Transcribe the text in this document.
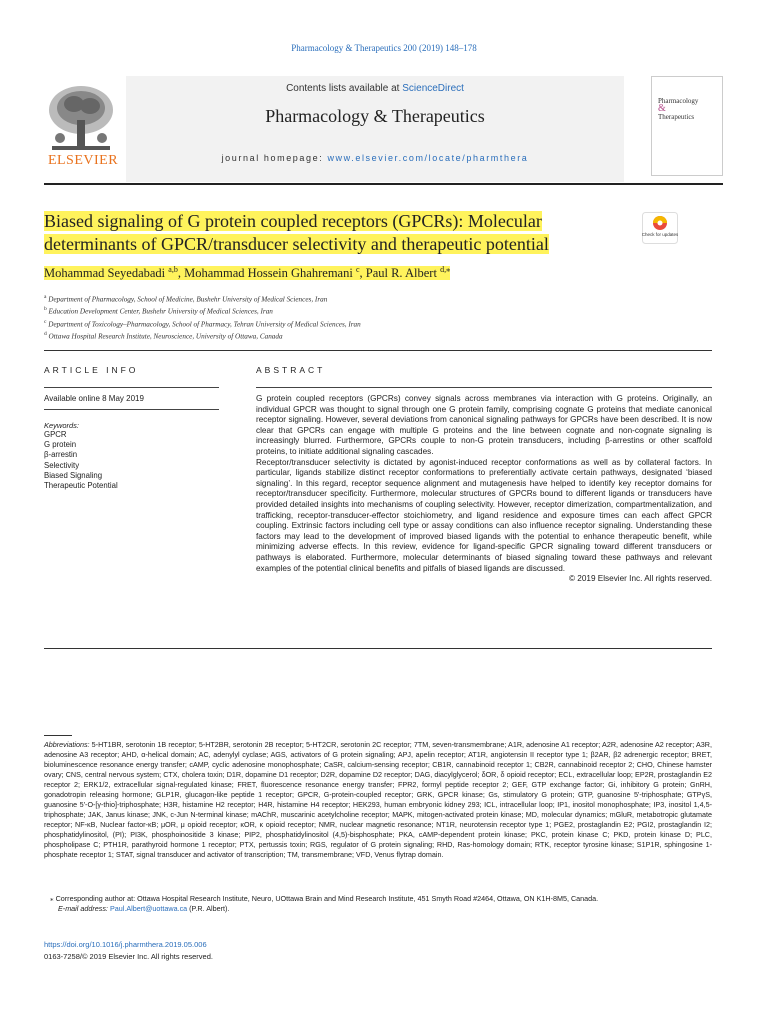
Pharmacology & Therapeutics 200 (2019) 148–178
ELSEVIER
Contents lists available at ScienceDirect
Pharmacology & Therapeutics
journal homepage: www.elsevier.com/locate/pharmthera
Pharmacology
&
Therapeutics
Biased signaling of G protein coupled receptors (GPCRs): Molecular
determinants of GPCR/transducer selectivity and therapeutic potential	Check for updates
Mohammad Seyedabadi $^{a,b}$, Mohammad Hossein Ghahremani $^c$, Paul R. Albert $^{d,⁎}$
$^a$ Department of Pharmacology, School of Medicine, Bushehr University of Medical Sciences, Iran
$^b$ Education Development Center, Bushehr University of Medical Sciences, Iran
$^c$ Department of Toxicology–Pharmacology, School of Pharmacy, Tehran University of Medical Sciences, Iran
$^d$ Ottawa Hospital Research Institute, Neuroscience, University of Ottawa, Canada
ARTICLE INFO
Available online 8 May 2019
Keywords:
GPCR
G protein
β-arrestin
Selectivity
Biased Signaling
Therapeutic Potential
ABSTRACT

G protein coupled receptors (GPCRs) convey signals across membranes via interaction with G proteins. Originally, an individual GPCR was thought to signal through one G protein family, comprising cognate G proteins that mediate canonical receptor signaling. However, several deviations from canonical signaling pathways for GPCRs have been described. It is now clear that GPCRs can engage with multiple G proteins and the line between cognate and non-cognate signaling is increasingly blurred. Furthermore, GPCRs couple to non-G protein transducers, including β-arrestins or other scaffold proteins, to initiate additional signaling cascades.

Receptor/transducer selectivity is dictated by agonist-induced receptor conformations as well as by collateral factors. In particular, ligands stabilize distinct receptor conformations to preferentially activate certain pathways, designated ‘biased signaling’. In this regard, receptor sequence alignment and mutagenesis have helped to identify key receptor domains for receptor/transducer specificity. Furthermore, molecular structures of GPCRs bound to different ligands or transducers have provided detailed insights into mechanisms of coupling selectivity. However, receptor dimerization, compartmentalization, and trafficking, receptor-transducer-effector stoichiometry, and ligand residence and exposure times can each affect GPCR coupling. Extrinsic factors including cell type or assay conditions can also influence receptor signaling. Understanding these factors may lead to the development of improved biased ligands with the potential to enhance therapeutic benefit, while minimizing adverse effects. In this review, evidence for ligand-specific GPCR signaling toward different transducers or pathways is elaborated. Furthermore, molecular determinants of biased signaling toward these pathways and relevant examples of the potential clinical benefits and pitfalls of biased ligands are discussed.

© 2019 Elsevier Inc. All rights reserved.
Abbreviations: 5-HT1BR, serotonin 1B receptor; 5-HT2BR, serotonin 2B receptor; 5-HT2CR, serotonin 2C receptor; 7TM, seven-transmembrane; A1R, adenosine A1 receptor; A2R, adenosine A2 receptor; A3R, adenosine A3 receptor; AHD, α-helical domain; AC, adenylyl cyclase; AGS, activators of G protein signaling; APJ, apelin receptor; AT1R, angiotensin II receptor type 1; β2AR, β2 adrenergic receptor; BRET, bioluminescence resonance energy transfer; cAMP, cyclic adenosine monophosphate; CaSR, calcium-sensing receptor; CB1R, cannabinoid receptor 1; CB2R, cannabinoid receptor 2; CHO, Chinese hamster ovary; CNS, central nervous system; CTX, cholera toxin; D1R, dopamine D1 receptor; D2R, dopamine D2 receptor; DAG, diacylglycerol; δOR, δ opioid receptor; ECL, extracellular loop; EP2R, prostaglandin E2 receptor 2; ERK1/2, extracellular signal-regulated kinase; FRET, fluorescence resonance energy transfer; FPR2, formyl peptide receptor 2; GEF, GTP exchange factor; Gi, inhibitory G protein; GnRH, gonadotropin releasing hormone; GLP1R, glucagon-like peptide 1 receptor; GPCR, G-protein-coupled receptor; GRK, GPCR kinase; Gs, stimulatory G protein; GTP, guanosine 5'-triphosphate; GTPγS, guanosine 5'-O-[γ-thio]-triphosphate; H3R, histamine H2 receptor; H4R, histamine H4 receptor; HEK293, human embryonic kidney 293; ICL, intracellular loop; IP1, inositol monophosphate; IP3, inositol 1,4,5-triphosphate; JAK, Janus kinase; JNK, c-Jun N-terminal kinase; mAChR, muscarinic acetylcholine receptor; MAPK, mitogen-activated protein kinase; MD, molecular dynamics; mGluR, metabotropic glutamate receptor; NF-κB, Nuclear factor-κB; μOR, μ opioid receptor; κOR, κ opioid receptor; NMR, nuclear magnetic resonance; NT1R, neurotensin receptor type 1; PGE2, prostaglandin E2; PGI2, prostaglandin I2; phosphatidylinositol, (PI); PI3K, phosphoinositide 3 kinase; PIP2, phosphatidylinositol (4,5)-bisphosphate; PKA, cAMP-dependent protein kinase; PKC, protein kinase C; PKD, protein kinase D; PLC, phospholipase C; PTH1R, parathyroid hormone 1 receptor; PTX, pertussis toxin; RGS, regulator of G protein signaling; RHD, Ras-homology domain; RTK, receptor tyrosine kinase; S1P1R, sphingosine 1-phosphate receptor 1; STAT, signal transducer and activator of transcription; TM, transmembrane; VFD, Venus flytrap domain.
⁎ Corresponding author at: Ottawa Hospital Research Institute, Neuro, UOttawa Brain and Mind Research Institute, 451 Smyth Road #2464, Ottawa, ON K1H-8M5, Canada.
E-mail address: Paul.Albert@uottawa.ca (P.R. Albert).
https://doi.org/10.1016/j.pharmthera.2019.05.006
0163-7258/© 2019 Elsevier Inc. All rights reserved.
